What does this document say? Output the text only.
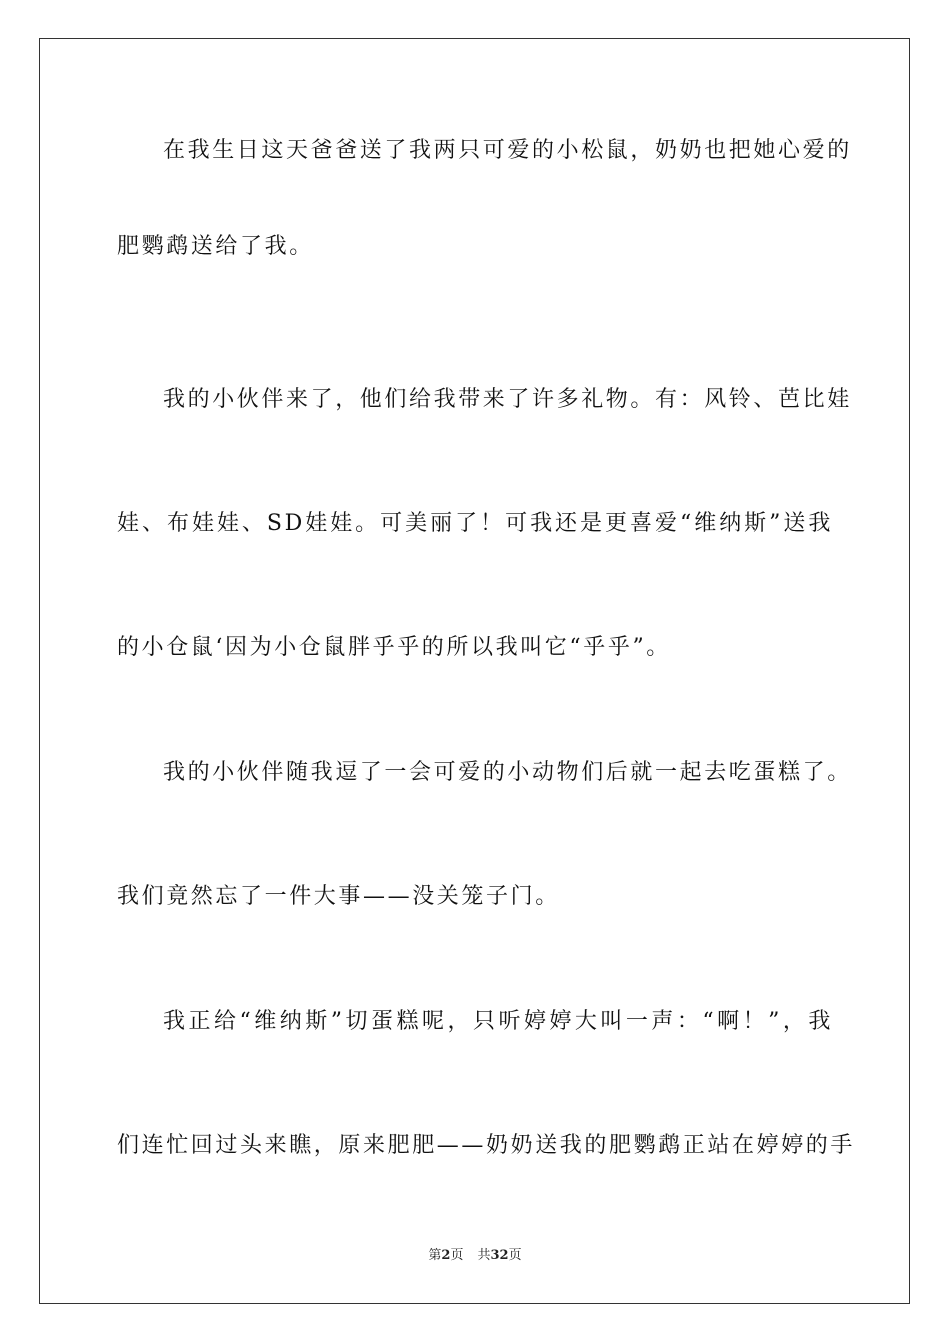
在我生日这天爸爸送了我两只可爱的小松鼠，奶奶也把她心爱的
肥鹦鹉送给了我。
我的小伙伴来了，他们给我带来了许多礼物。有：风铃、芭比娃
娃、布娃娃、SD娃娃。可美丽了！可我还是更喜爱“维纳斯”送我
的小仓鼠‘因为小仓鼠胖乎乎的所以我叫它“乎乎”。
我的小伙伴随我逗了一会可爱的小动物们后就一起去吃蛋糕了。
我们竟然忘了一件大事——没关笼子门。
我正给“维纳斯”切蛋糕呢，只听婷婷大叫一声：“啊！”，我
们连忙回过头来瞧，原来肥肥——奶奶送我的肥鹦鹉正站在婷婷的手
第2页 共32页
